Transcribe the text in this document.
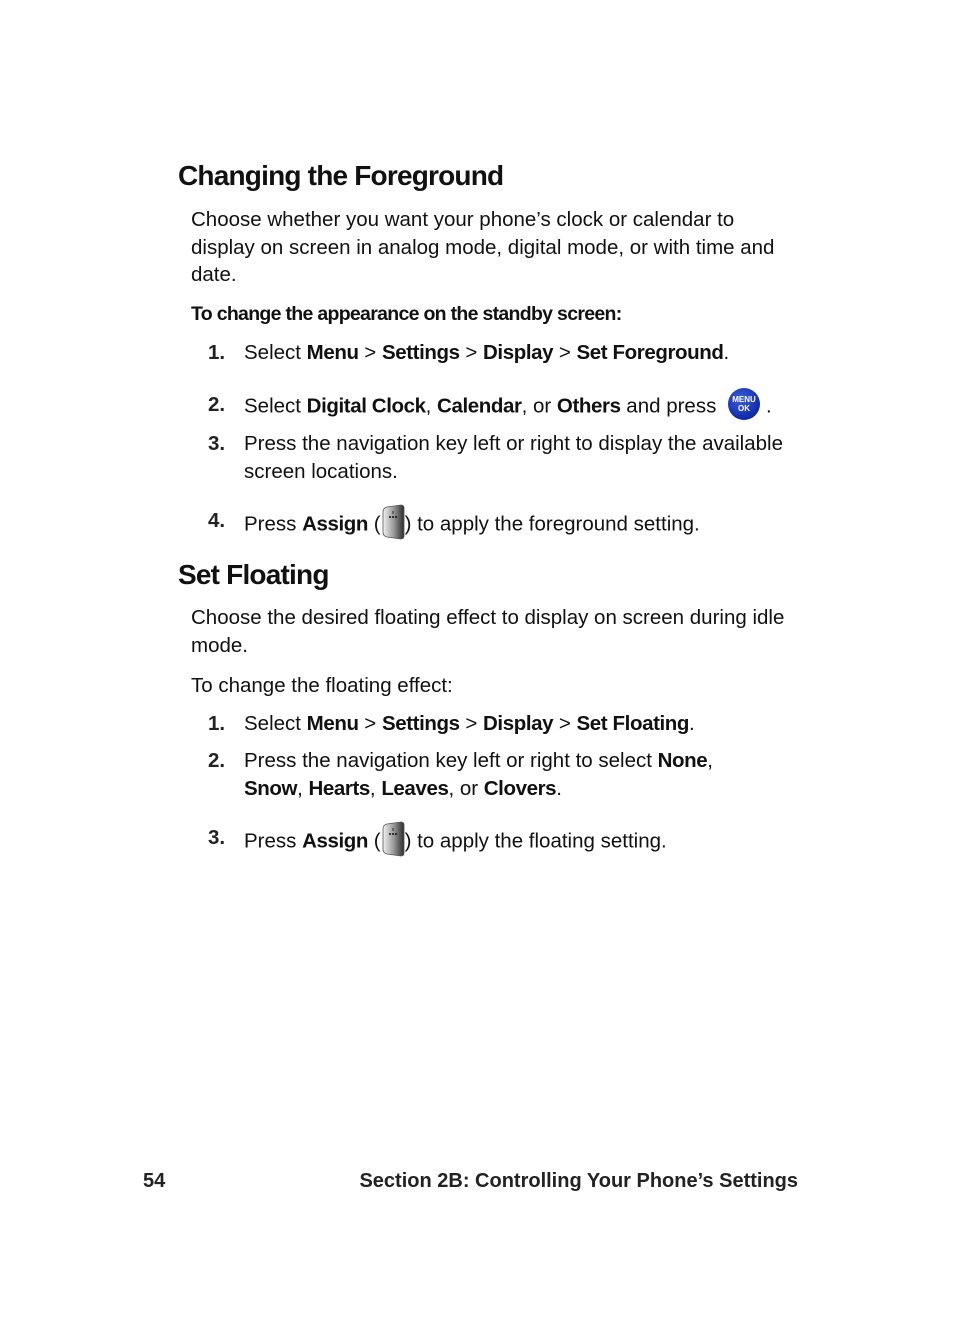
Changing the Foreground

Choose whether you want your phone’s clock or calendar to display on screen in analog mode, digital mode, or with time and date.

To change the appearance on the standby screen:

1. Select Menu > Settings > Display > Set Foreground.
2. Select Digital Clock, Calendar, or Others and press	MENU
OK .
3. Press the navigation key left or right to display the available screen locations.
4. Press Assign ( ) to apply the foreground setting.
Set Floating

Choose the desired floating effect to display on screen during idle mode.

To change the floating effect:

1. Select Menu > Settings > Display > Set Floating.
2. Press the navigation key left or right to select None,
Snow, Hearts, Leaves, or Clovers.
3. Press Assign ( ) to apply the floating setting.
54	Section 2B: Controlling Your Phone’s Settings
